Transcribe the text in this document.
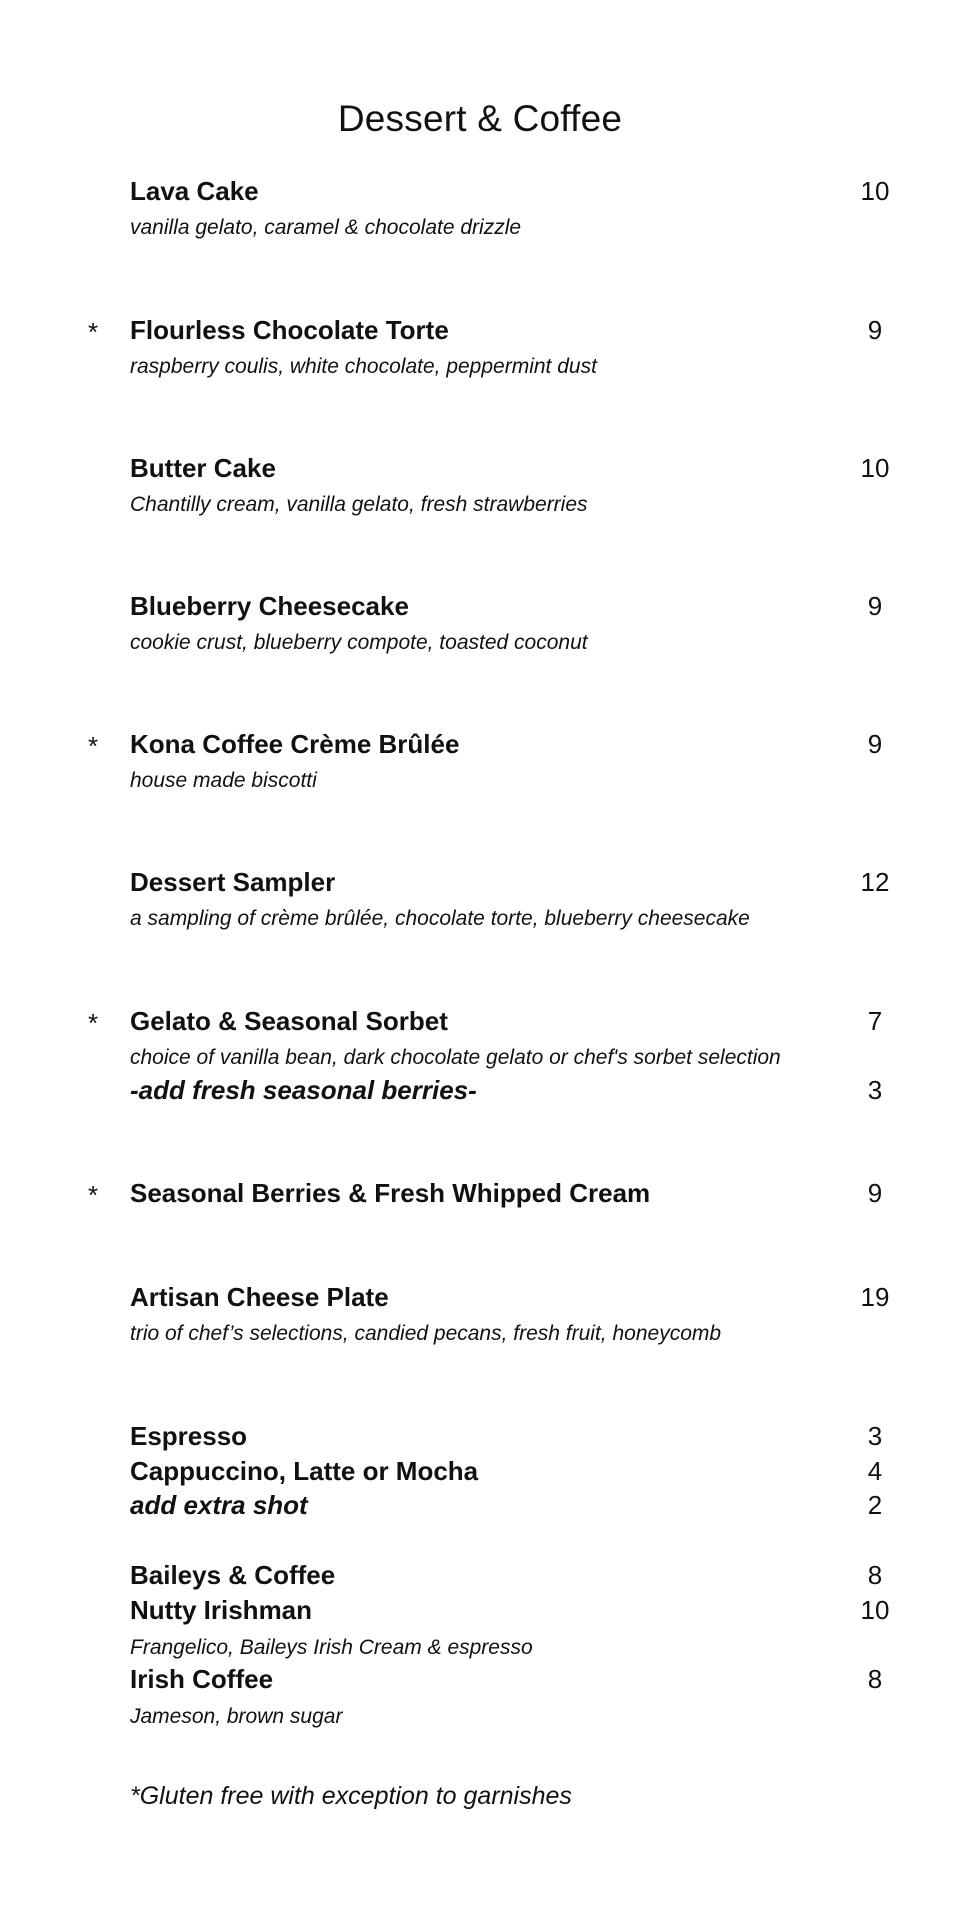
Dessert & Coffee
Lava Cake	10
vanilla gelato, caramel & chocolate drizzle
* Flourless Chocolate Torte	9
raspberry coulis, white chocolate, peppermint dust
Butter Cake	10
Chantilly cream, vanilla gelato, fresh strawberries
Blueberry Cheesecake	9
cookie crust, blueberry compote, toasted coconut
* Kona Coffee Crème Brûlée	9
house made biscotti
Dessert Sampler	12
a sampling of crème brûlée, chocolate torte, blueberry cheesecake
* Gelato & Seasonal Sorbet	7
choice of vanilla bean, dark chocolate gelato or chef's sorbet selection
-add fresh seasonal berries-	3
* Seasonal Berries & Fresh Whipped Cream	9
Artisan Cheese Plate	19
trio of chef’s selections, candied pecans, fresh fruit, honeycomb
Espresso	3
Cappuccino, Latte or Mocha	4
add extra shot	2
Baileys & Coffee	8
Nutty Irishman	10
Frangelico, Baileys Irish Cream & espresso
Irish Coffee	8
Jameson, brown sugar
*Gluten free with exception to garnishes
